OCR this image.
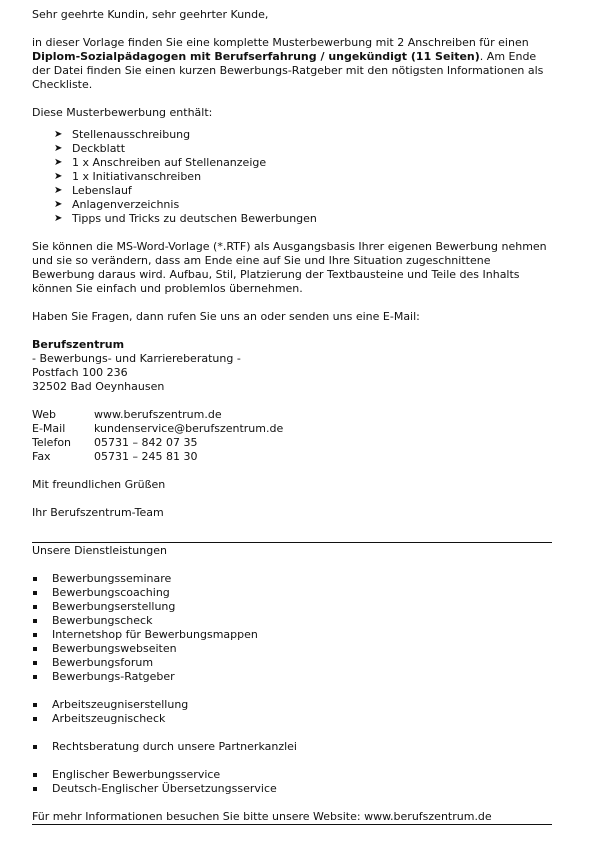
Sehr geehrte Kundin, sehr geehrter Kunde,

in dieser Vorlage finden Sie eine komplette Musterbewerbung mit 2 Anschreiben für einen Diplom-Sozialpädagogen mit Berufserfahrung / ungekündigt (11 Seiten). Am Ende der Datei finden Sie einen kurzen Bewerbungs-Ratgeber mit den nötigsten Informationen als Checkliste.

Diese Musterbewerbung enthält:

➤ Stellenausschreibung
➤ Deckblatt
➤ 1 x Anschreiben auf Stellenanzeige
➤ 1 x Initiativanschreiben
➤ Lebenslauf
➤ Anlagenverzeichnis
➤ Tipps und Tricks zu deutschen Bewerbungen

Sie können die MS-Word-Vorlage (*.RTF) als Ausgangsbasis Ihrer eigenen Bewerbung nehmen und sie so verändern, dass am Ende eine auf Sie und Ihre Situation zugeschnittene Bewerbung daraus wird. Aufbau, Stil, Platzierung der Textbausteine und Teile des Inhalts können Sie einfach und problemlos übernehmen.

Haben Sie Fragen, dann rufen Sie uns an oder senden uns eine E-Mail:

Berufszentrum

- Bewerbungs- und Karriereberatung -

Postfach 100 236

32502 Bad Oeynhausen

Web	www.berufszentrum.de
E-Mail	kundenservice@berufszentrum.de
Telefon	05731 – 842 07 35
Fax	05731 – 245 81 30

Mit freundlichen Grüßen

Ihr Berufszentrum-Team

Unsere Dienstleistungen

Bewerbungsseminare
Bewerbungscoaching
Bewerbungserstellung
Bewerbungscheck
Internetshop für Bewerbungsmappen
Bewerbungswebseiten
Bewerbungsforum
Bewerbungs-Ratgeber
Arbeitszeugniserstellung
Arbeitszeugnischeck
Rechtsberatung durch unsere Partnerkanzlei
Englischer Bewerbungsservice
Deutsch-Englischer Übersetzungsservice

Für mehr Informationen besuchen Sie bitte unsere Website: www.berufszentrum.de
